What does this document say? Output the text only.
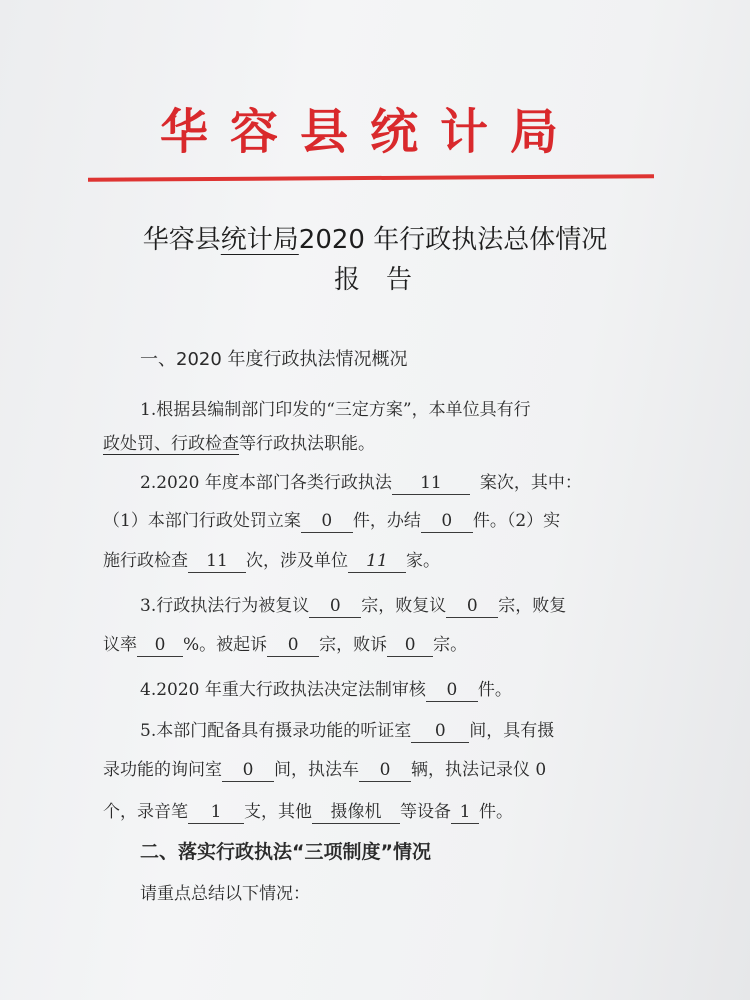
华容县统计局
华容县统计局2020 年行政执法总体情况
报告
一、2020 年度行政执法情况概况
1.根据县编制部门印发的“三定方案”，本单位具有行
政处罚、行政检查等行政执法职能。
2.2020 年度本部门各类行政执法 11 案次，其中：
（1）本部门行政处罚立案 0 件，办结 0 件。（2）实
施行政检查 11 次，涉及单位 11 家。
3.行政执法行为被复议 0 宗，败复议 0 宗，败复
议率 0 %。被起诉 0 宗，败诉 0 宗。
4.2020 年重大行政执法决定法制审核 0 件。
5.本部门配备具有摄录功能的听证室 0 间，具有摄
录功能的询问室 0 间，执法车 0 辆，执法记录仪 0
个，录音笔 1 支，其他 摄像机 等设备 1 件。
二、落实行政执法“三项制度”情况
请重点总结以下情况：
